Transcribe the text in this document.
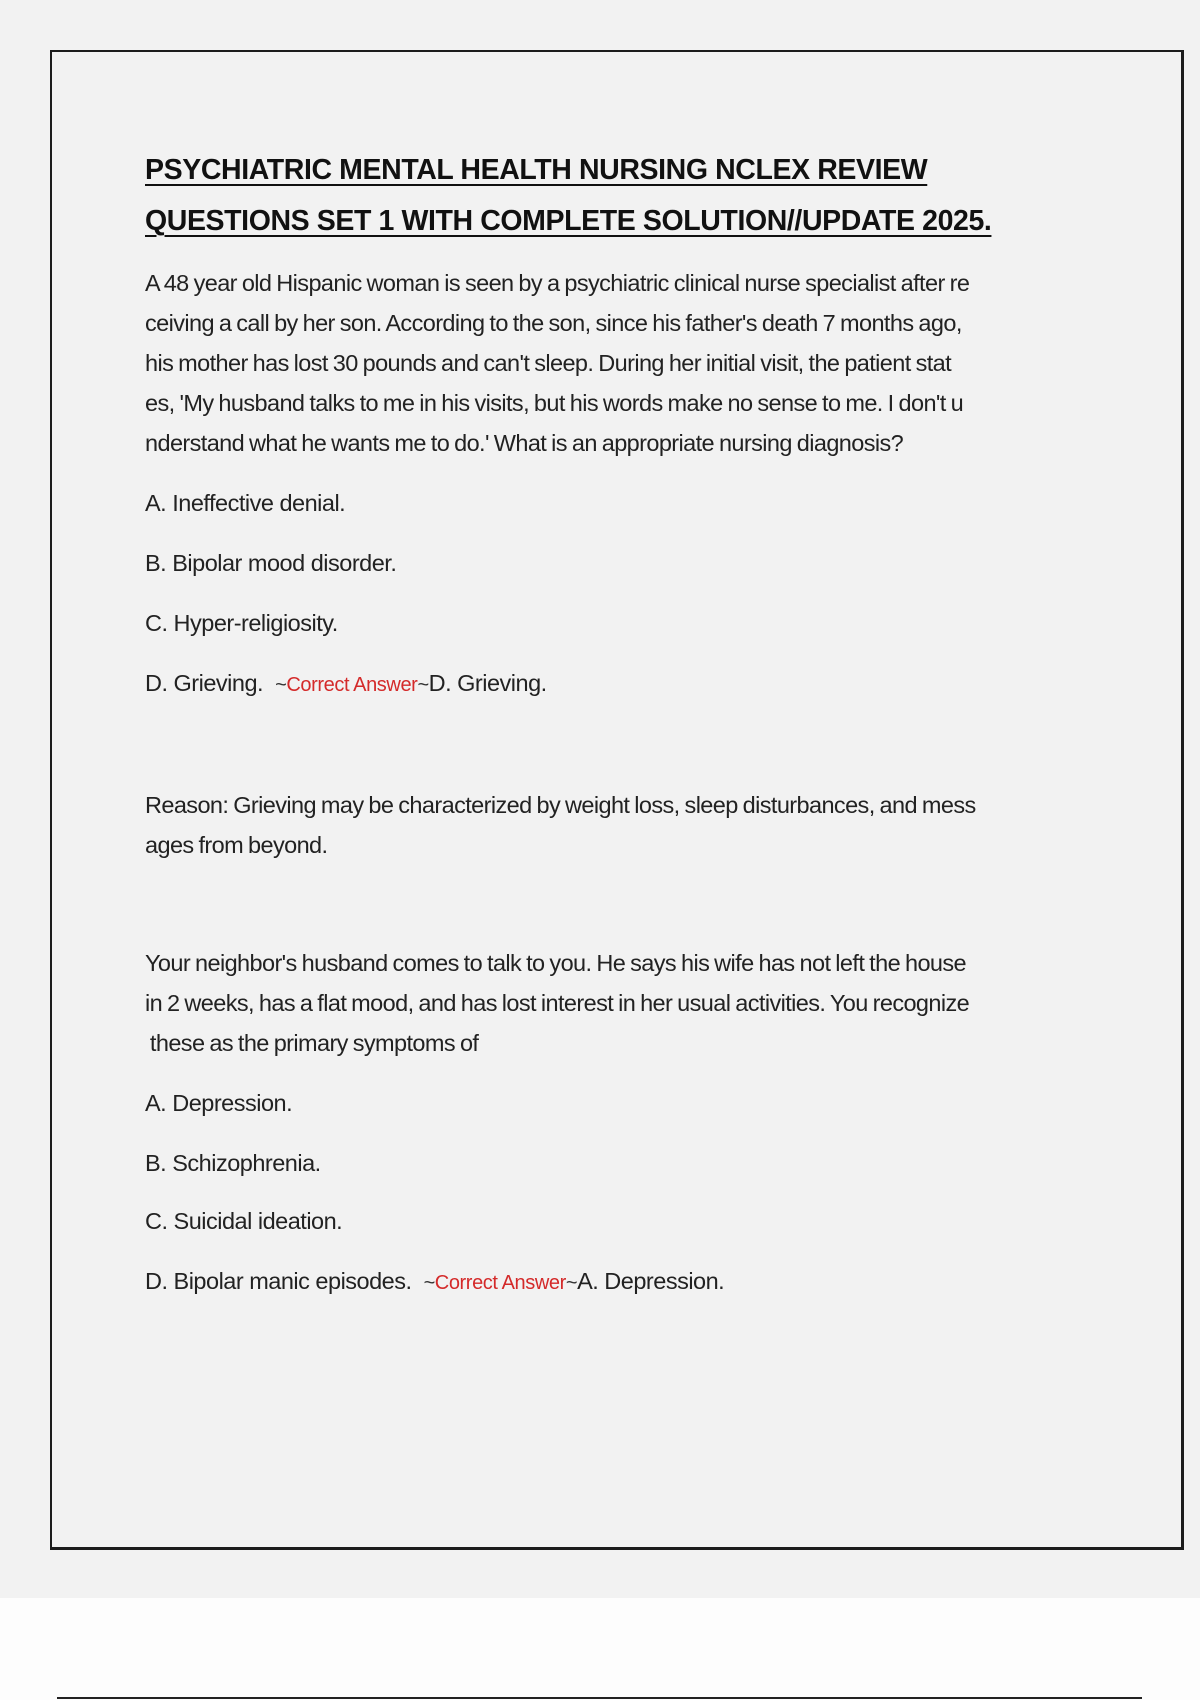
PSYCHIATRIC MENTAL HEALTH NURSING NCLEX REVIEW

QUESTIONS SET 1 WITH COMPLETE SOLUTION//UPDATE 2025.

A 48 year old Hispanic woman is seen by a psychiatric clinical nurse specialist after re

ceiving a call by her son. According to the son, since his father's death 7 months ago,

his mother has lost 30 pounds and can't sleep. During her initial visit, the patient stat

es, 'My husband talks to me in his visits, but his words make no sense to me. I don't u

nderstand what he wants me to do.' What is an appropriate nursing diagnosis?

A. Ineffective denial.

B. Bipolar mood disorder.

C. Hyper-religiosity.

D. Grieving. ~Correct Answer~D. Grieving.

Reason: Grieving may be characterized by weight loss, sleep disturbances, and mess

ages from beyond.

Your neighbor's husband comes to talk to you. He says his wife has not left the house

in 2 weeks, has a flat mood, and has lost interest in her usual activities. You recognize

these as the primary symptoms of

A. Depression.

B. Schizophrenia.

C. Suicidal ideation.

D. Bipolar manic episodes. ~Correct Answer~A. Depression.
